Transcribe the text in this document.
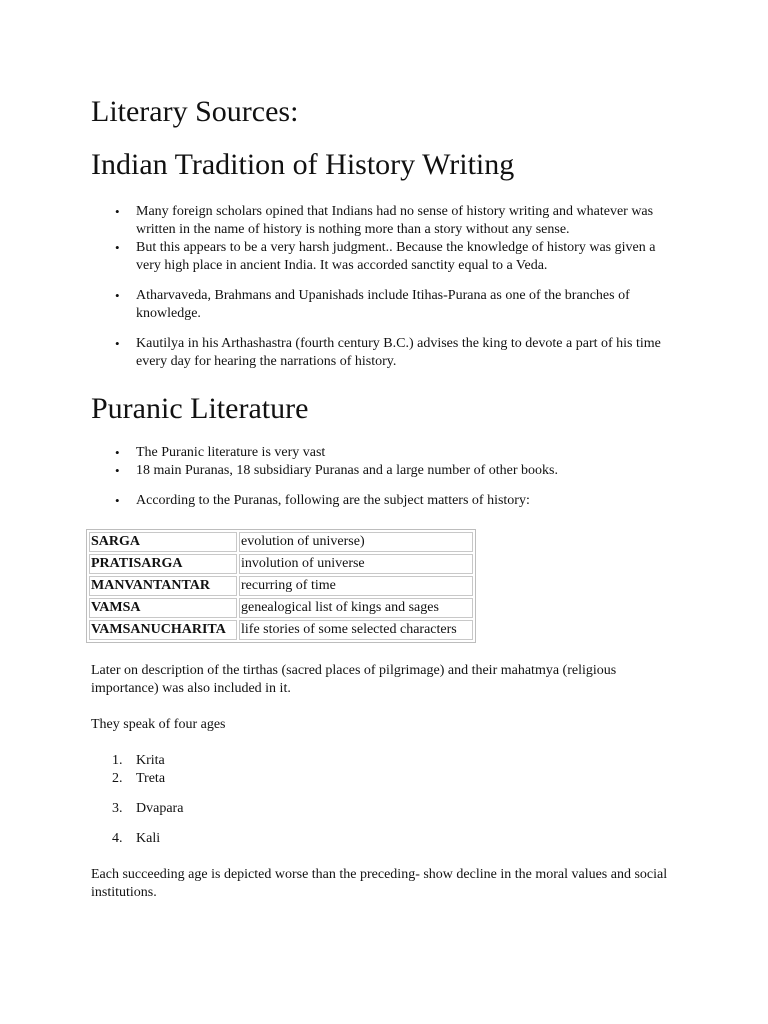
Literary Sources:
Indian Tradition of History Writing
• Many foreign scholars opined that Indians had no sense of history writing and whatever was written in the name of history is nothing more than a story without any sense.
• But this appears to be a very harsh judgment.. Because the knowledge of history was given a very high place in ancient India. It was accorded sanctity equal to a Veda.
• Atharvaveda, Brahmans and Upanishads include Itihas-Purana as one of the branches of knowledge.
• Kautilya in his Arthashastra (fourth century B.C.) advises the king to devote a part of his time every day for hearing the narrations of history.
Puranic Literature
• The Puranic literature is very vast
• 18 main Puranas, 18 subsidiary Puranas and a large number of other books.
• According to the Puranas, following are the subject matters of history:
SARGA	evolution of universe)
PRATISARGA	involution of universe
MANVANTANTAR	recurring of time
VAMSA	genealogical list of kings and sages
VAMSANUCHARITA	life stories of some selected characters

Later on description of the tirthas (sacred places of pilgrimage) and their mahatmya (religious importance) was also included in it.

They speak of four ages

1. Krita
2. Treta
3. Dvapara
4. Kali

Each succeeding age is depicted worse than the preceding- show decline in the moral values and social institutions.
